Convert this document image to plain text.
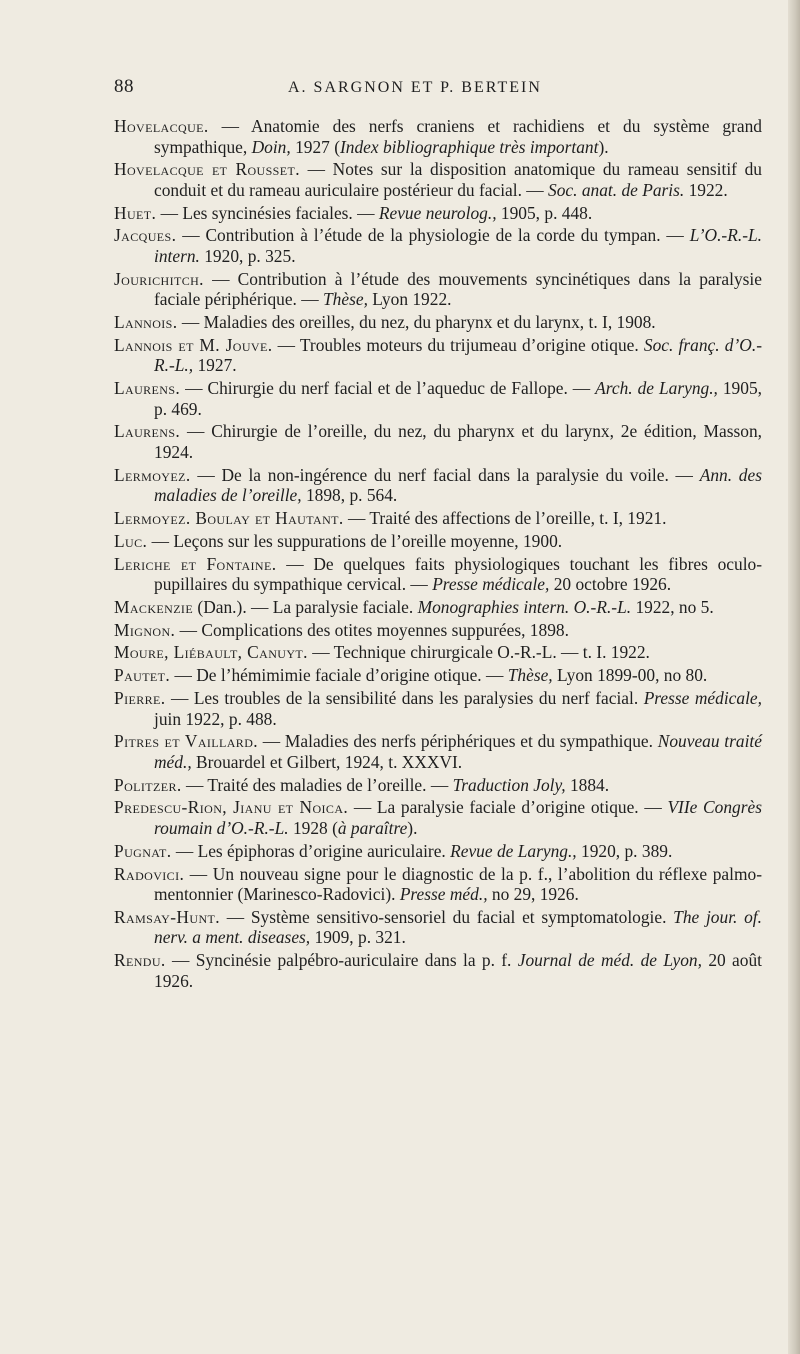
88	A. SARGNON ET P. BERTEIN

Hovelacque. — Anatomie des nerfs craniens et rachidiens et du système grand sympathique, Doin, 1927 (Index bibliographique très important).

Hovelacque et Rousset. — Notes sur la disposition anatomique du rameau sensitif du conduit et du rameau auriculaire postérieur du facial. — Soc. anat. de Paris. 1922.

Huet. — Les syncinésies faciales. — Revue neurolog., 1905, p. 448.

Jacques. — Contribution à l’étude de la physiologie de la corde du tympan. — L’O.-R.-L. intern. 1920, p. 325.

Jourichitch. — Contribution à l’étude des mouvements syncinétiques dans la paralysie faciale périphérique. — Thèse, Lyon 1922.

Lannois. — Maladies des oreilles, du nez, du pharynx et du larynx, t. I, 1908.

Lannois et M. Jouve. — Troubles moteurs du trijumeau d’origine otique. Soc. franç. d’O.-R.-L., 1927.

Laurens. — Chirurgie du nerf facial et de l’aqueduc de Fallope. — Arch. de Laryng., 1905, p. 469.

Laurens. — Chirurgie de l’oreille, du nez, du pharynx et du larynx, 2e édition, Masson, 1924.

Lermoyez. — De la non-ingérence du nerf facial dans la paralysie du voile. — Ann. des maladies de l’oreille, 1898, p. 564.

Lermoyez. Boulay et Hautant. — Traité des affections de l’oreille, t. I, 1921.

Luc. — Leçons sur les suppurations de l’oreille moyenne, 1900.

Leriche et Fontaine. — De quelques faits physiologiques touchant les fibres oculo-pupillaires du sympathique cervical. — Presse médicale, 20 octobre 1926.

Mackenzie (Dan.). — La paralysie faciale. Monographies intern. O.-R.-L. 1922, no 5.

Mignon. — Complications des otites moyennes suppurées, 1898.

Moure, Liébault, Canuyt. — Technique chirurgicale O.-R.-L. — t. I. 1922.

Pautet. — De l’hémimimie faciale d’origine otique. — Thèse, Lyon 1899-00, no 80.

Pierre. — Les troubles de la sensibilité dans les paralysies du nerf facial. Presse médicale, juin 1922, p. 488.

Pitres et Vaillard. — Maladies des nerfs périphériques et du sympathique. Nouveau traité méd., Brouardel et Gilbert, 1924, t. XXXVI.

Politzer. — Traité des maladies de l’oreille. — Traduction Joly, 1884.

Predescu-Rion, Jianu et Noica. — La paralysie faciale d’origine otique. — VIIe Congrès roumain d’O.-R.-L. 1928 (à paraître).

Pugnat. — Les épiphoras d’origine auriculaire. Revue de Laryng., 1920, p. 389.

Radovici. — Un nouveau signe pour le diagnostic de la p. f., l’abolition du réflexe palmo-mentonnier (Marinesco-Radovici). Presse méd., no 29, 1926.

Ramsay-Hunt. — Système sensitivo-sensoriel du facial et symptomatologie. The jour. of. nerv. a ment. diseases, 1909, p. 321.

Rendu. — Syncinésie palpébro-auriculaire dans la p. f. Journal de méd. de Lyon, 20 août 1926.
